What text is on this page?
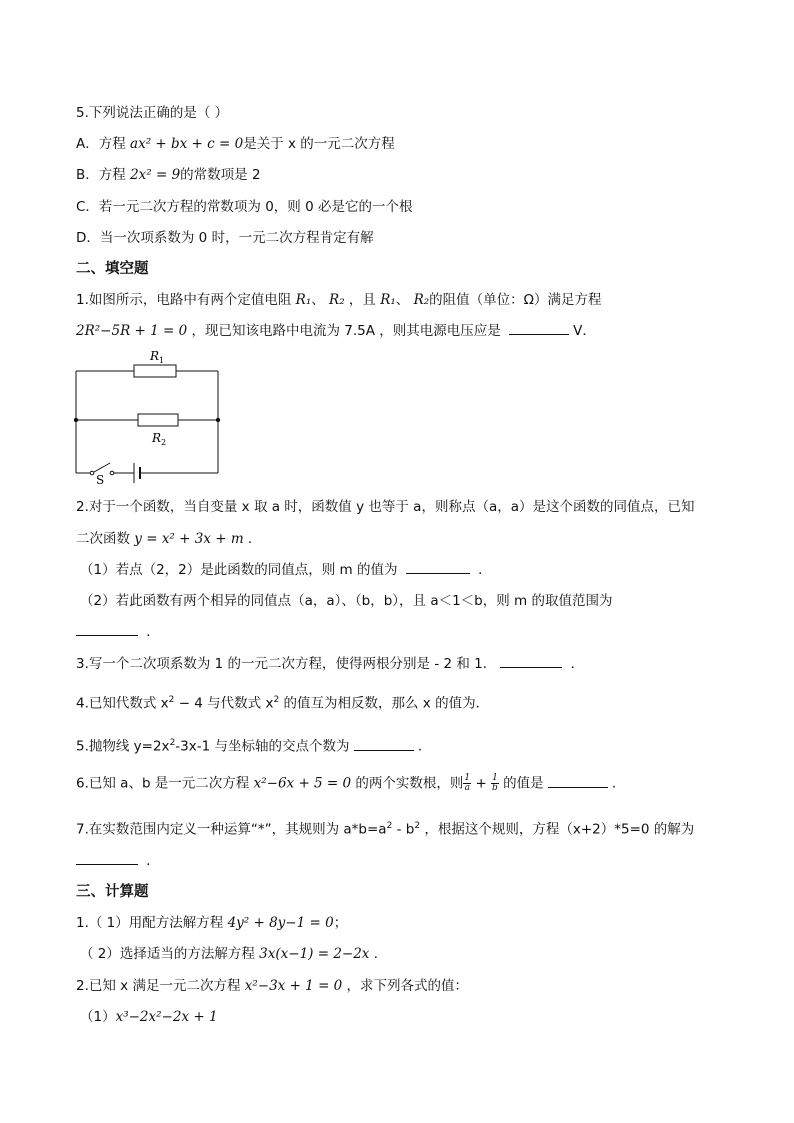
5.下列说法正确的是（ ）
A．方程 ax² + bx + c = 0是关于 x 的一元二次方程
B．方程 2x² = 9的常数项是 2
C．若一元二次方程的常数项为 0，则 0 必是它的一个根
D．当一次项系数为 0 时，一元二次方程肯定有解
二、填空题
1.如图所示，电路中有两个定值电阻 R₁、 R₂ ，且 R₁、 R₂的阻值（单位：Ω）满足方程
2R²−5R + 1 = 0 ，现已知该电路中电流为 7.5A ，则其电源电压应是	V．
$R_1$
$R_2$
S
2.对于一个函数，当自变量 x 取 a 时，函数值 y 也等于 a，则称点（a，a）是这个函数的同值点，已知
二次函数 y = x² + 3x + m ．
（1）若点（2，2）是此函数的同值点，则 m 的值为	．
（2）若此函数有两个相异的同值点（a，a）、（b，b），且 a＜1＜b，则 m 的取值范围为
．
3.写一个二次项系数为 1 的一元二次方程，使得两根分别是 - 2 和 1．	．
4.已知代数式 $x^2 - 4$ 与代数式 $x^2$ 的值互为相反数，那么 x 的值为．
5.抛物线 $y=2x^2-3x-1$ 与坐标轴的交点个数为	.
6.已知 a、b 是一元二次方程 x²−6x + 5 = 0 的两个实数根，则 $\frac{1}{a} + \frac{1}{b}$ 的值是	.
7.在实数范围内定义一种运算“*”，其规则为 $a*b=a^2 - b^2$ ，根据这个规则，方程（x+2）*5=0 的解为
．
三、计算题
1.（ 1）用配方法解方程 4y² + 8y−1 = 0；
（ 2）选择适当的方法解方程 3x(x−1) = 2−2x ．
2.已知 x 满足一元二次方程 x²−3x + 1 = 0 ，求下列各式的值：
（1）x³−2x²−2x + 1
